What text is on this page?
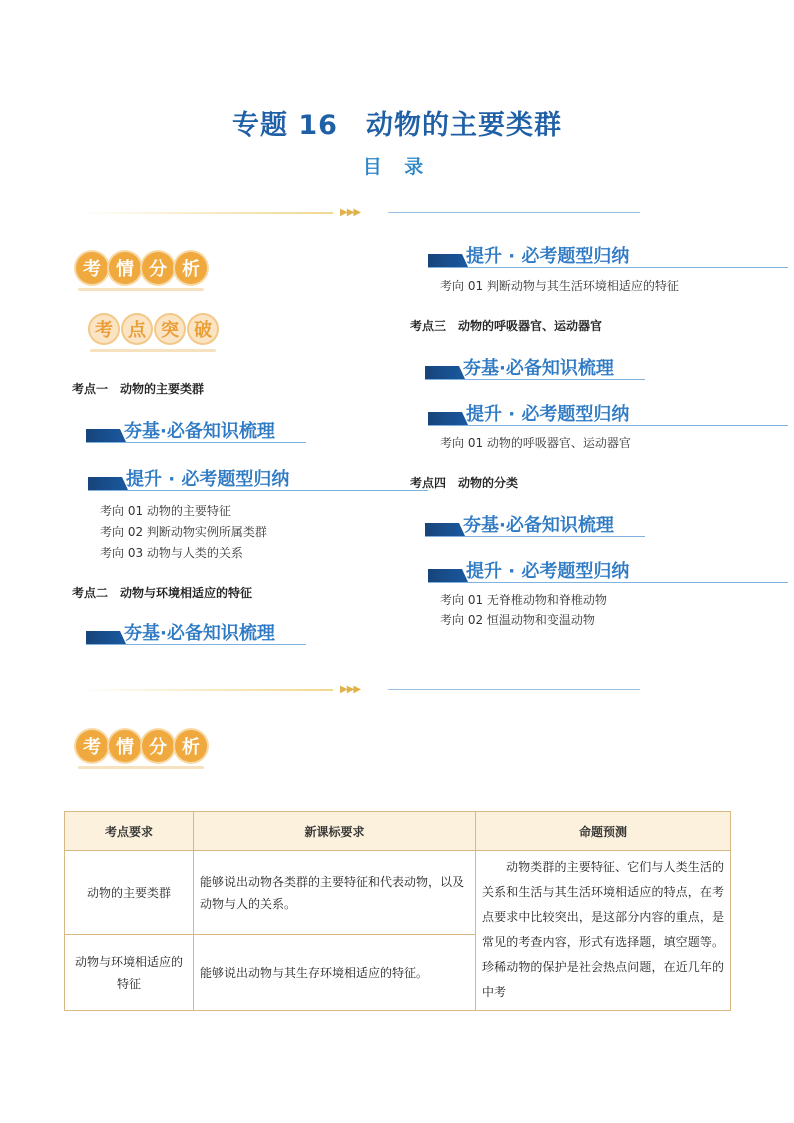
专题 16　动物的主要类群
目 录
▶▶▶
考 情 分 析
考 点 突 破
考点一　动物的主要类群
夯基·必备知识梳理
提升 · 必考题型归纳
考向 01 动物的主要特征
考向 02 判断动物实例所属类群
考向 03 动物与人类的关系
考点二　动物与环境相适应的特征
夯基·必备知识梳理
提升 · 必考题型归纳
考向 01 判断动物与其生活环境相适应的特征
考点三　动物的呼吸器官、运动器官
夯基·必备知识梳理
提升 · 必考题型归纳
考向 01 动物的呼吸器官、运动器官
考点四　动物的分类
夯基·必备知识梳理
提升 · 必考题型归纳
考向 01 无脊椎动物和脊椎动物
考向 02 恒温动物和变温动物
▶▶▶
考 情 分 析
考点要求	新课标要求	命题预测
动物的主要类群	能够说出动物各类群的主要特征和代表动物，以及动物与人的关系。	动物类群的主要特征、它们与人类生活的关系和生活与其生活环境相适应的特点，在考点要求中比较突出，是这部分内容的重点，是常见的考查内容，形式有选择题，填空题等。珍稀动物的保护是社会热点问题，在近几年的中考
动物与环境相适应的特征	能够说出动物与其生存环境相适应的特征。	
